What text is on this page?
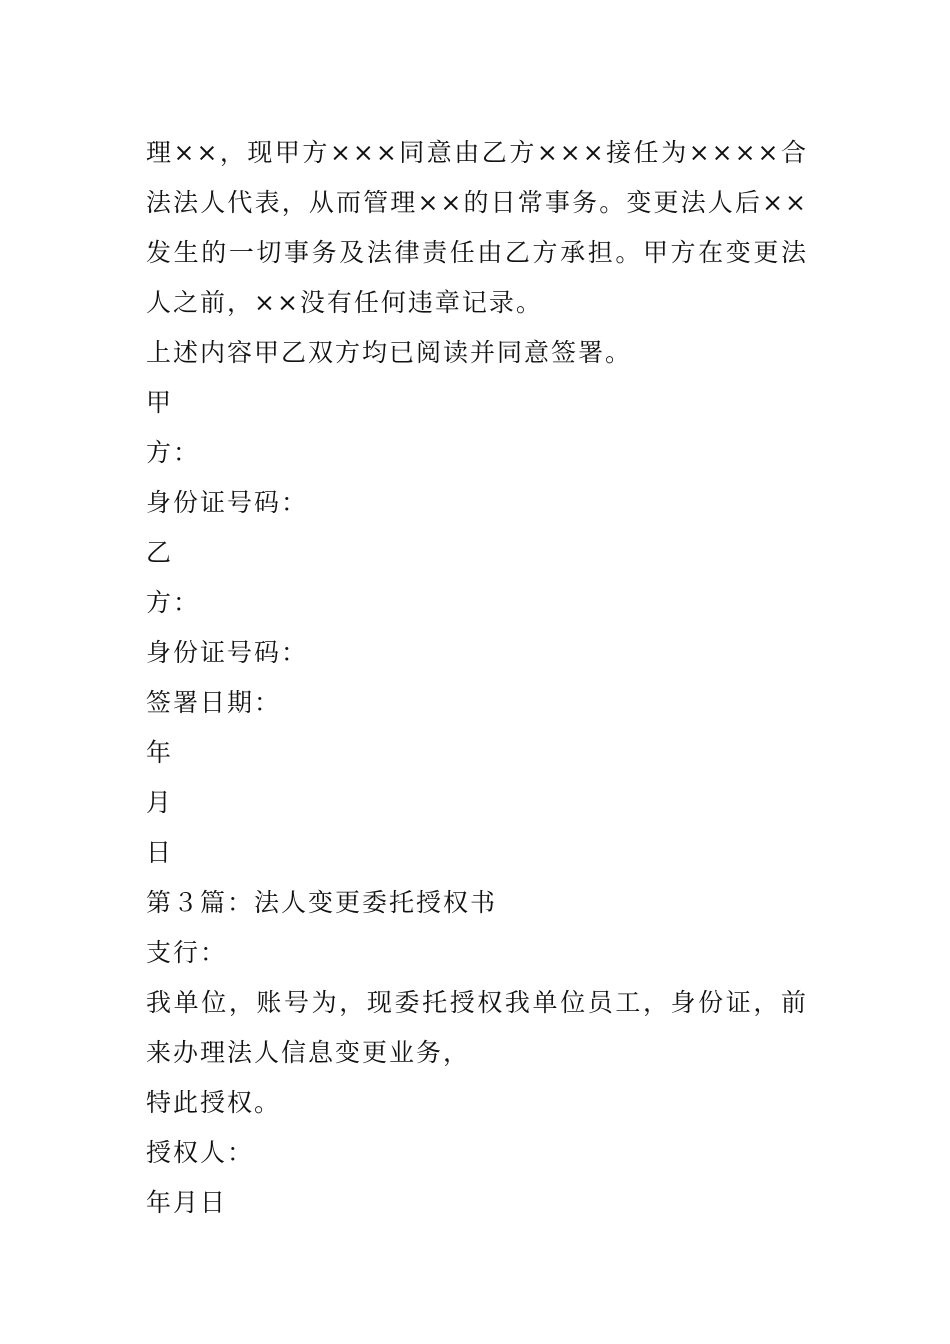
理××，现甲方×××同意由乙方×××接任为××××合法法人代表，从而管理××的日常事务。变更法人后××发生的一切事务及法律责任由乙方承担。甲方在变更法人之前，××没有任何违章记录。

上述内容甲乙双方均已阅读并同意签署。

甲

方：

身份证号码：

乙

方：

身份证号码：

签署日期：

年

月

日

第３篇：法人变更委托授权书

支行：

我单位，账号为，现委托授权我单位员工，身份证，前来办理法人信息变更业务，

特此授权。

授权人：

年月日
